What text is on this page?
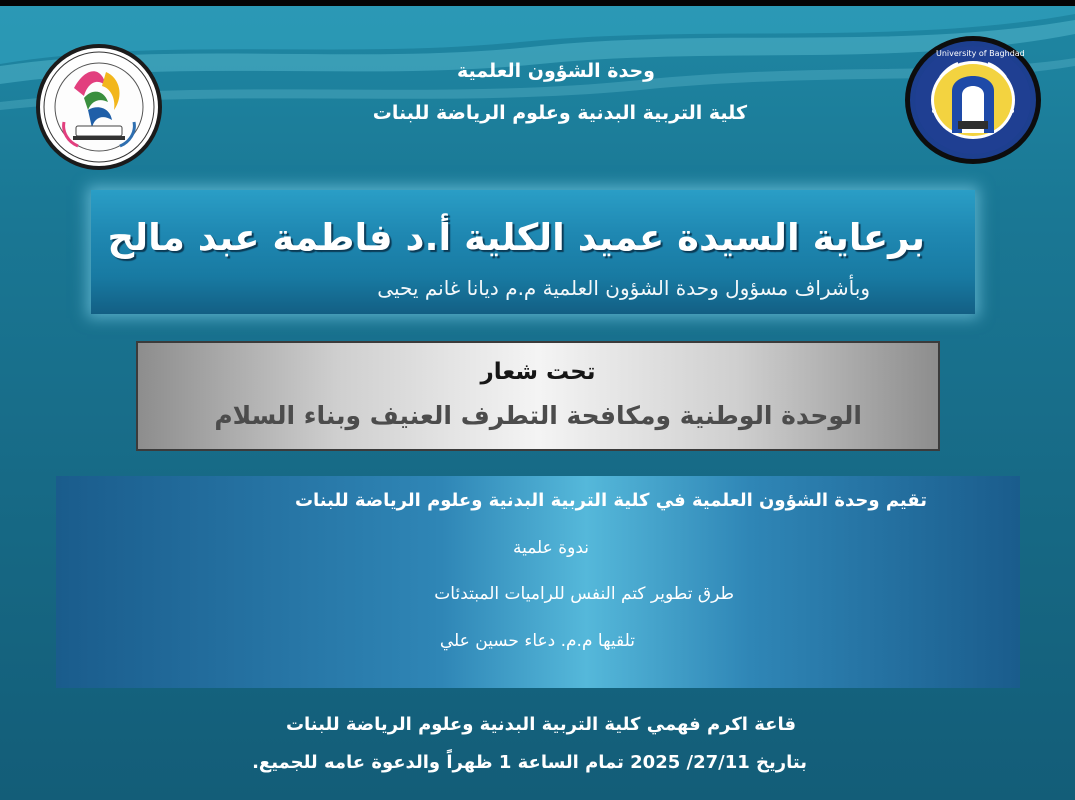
University of Baghdad
وحدة الشؤون العلمية
كلية التربية البدنية وعلوم الرياضة للبنات
برعاية السيدة عميد الكلية أ.د فاطمة عبد مالح
وبأشراف مسؤول وحدة الشؤون العلمية م.م ديانا غانم يحيى
تحت شعار
الوحدة الوطنية ومكافحة التطرف العنيف وبناء السلام
تقيم وحدة الشؤون العلمية في كلية التربية البدنية وعلوم الرياضة للبنات
ندوة علمية
طرق تطوير كتم النفس للراميات المبتدئات
تلقيها م.م. دعاء حسين علي
قاعة اكرم فهمي كلية التربية البدنية وعلوم الرياضة للبنات
بتاريخ 27/11/ 2025 تمام الساعة 1 ظهراً والدعوة عامه للجميع.
